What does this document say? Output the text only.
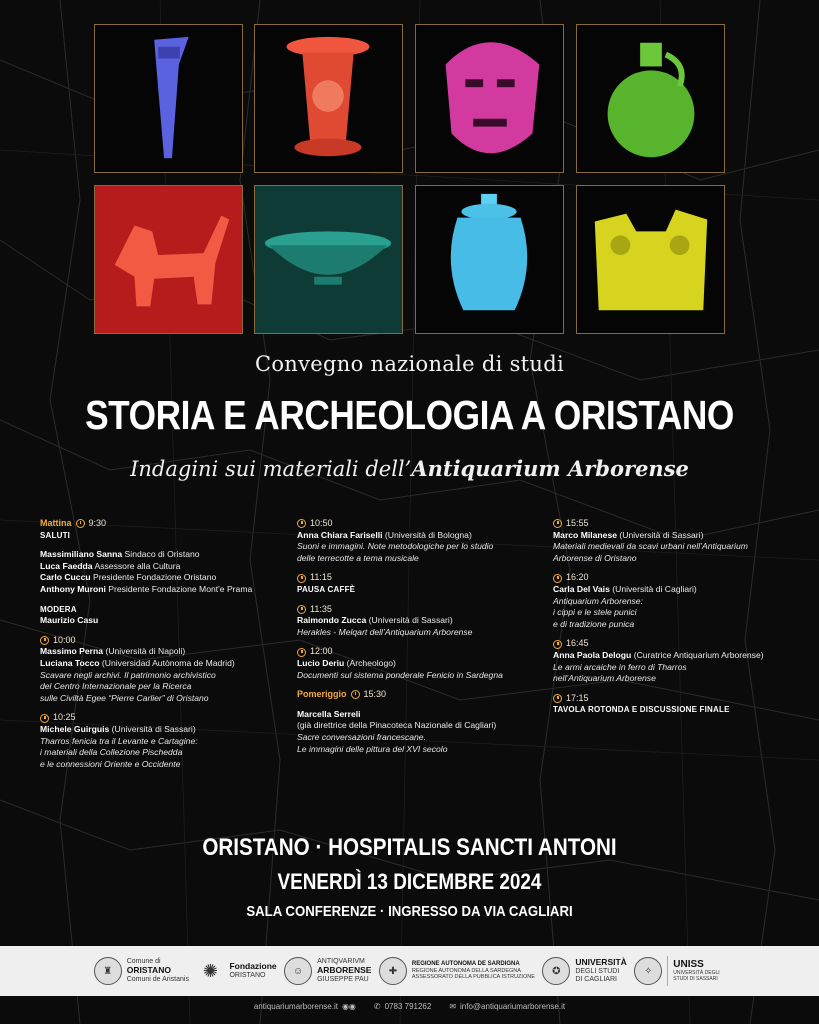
Convegno nazionale di studi
STORIA E ARCHEOLOGIA A ORISTANO
Indagini sui materiali dell’Antiquarium Arborense
Mattina 9:30
SALUTI
Massimiliano Sanna Sindaco di Oristano
Luca Faedda Assessore alla Cultura
Carlo Cuccu Presidente Fondazione Oristano
Anthony Muroni Presidente Fondazione Mont'e Prama
MODERA
Maurizio Casu
10:00
Massimo Perna (Università di Napoli)
Luciana Tocco (Universidad Autònoma de Madrid)
Scavare negli archivi. Il patrimonio archivistico
del Centro Internazionale per la Ricerca
sulle Civiltà Egee “Pierre Carlier” di Oristano
10:25
Michele Guirguis (Università di Sassari)
Tharros fenicia tra il Levante e Cartagine:
i materiali della Collezione Pischedda
e le connessioni Oriente e Occidente
10:50
Anna Chiara Fariselli (Università di Bologna)
Suoni e immagini. Note metodologiche per lo studio
delle terrecotte a tema musicale
11:15
PAUSA CAFFÈ
11:35
Raimondo Zucca (Università di Sassari)
Herakles - Melqart dell’Antiquarium Arborense
12:00
Lucio Deriu (Archeologo)
Documenti sul sistema ponderale Fenicio in Sardegna
Pomeriggio 15:30
Marcella Serreli
(già direttrice della Pinacoteca Nazionale di Cagliari)
Sacre conversazioni francescane.
Le immagini delle pittura del XVI secolo
15:55
Marco Milanese (Università di Sassari)
Materiali medievali da scavi urbani nell’Antiquarium
Arborense di Oristano
16:20
Carla Del Vais (Università di Cagliari)
Antiquarium Arborense:
i cippi e le stele punici
e di tradizione punica
16:45
Anna Paola Delogu (Curatrice Antiquarium Arborense)
Le armi arcaiche in ferro di Tharros
nell’Antiquarium Arborense
17:15
TAVOLA ROTONDA E DISCUSSIONE FINALE
ORISTANO · HOSPITALIS SANCTI ANTONI
VENERDÌ 13 DICEMBRE 2024
SALA CONFERENZE · INGRESSO DA VIA CAGLIARI
♜
Comune di
ORISTANO
Comuni de Aristanis ✺	Fondazione
ORISTANO	☺
ANTIQVARIVM
ARBORENSE
GIUSEPPE PAU
✚
REGIONE AUTONOMA DE SARDIGNA
REGIONE AUTONOMA DELLA SARDEGNA
ASSESSORATO DELLA PUBBLICA ISTRUZIONE
✪
UNIVERSITÀ
DEGLI STUDI
DI CAGLIARI
✧
UNISS
UNIVERSITÀ DEGLI STUDI DI SASSARI
antiquariumarborense.it ◉◉ ✆ 0783 791262 ✉ info@antiquariumarborense.it
